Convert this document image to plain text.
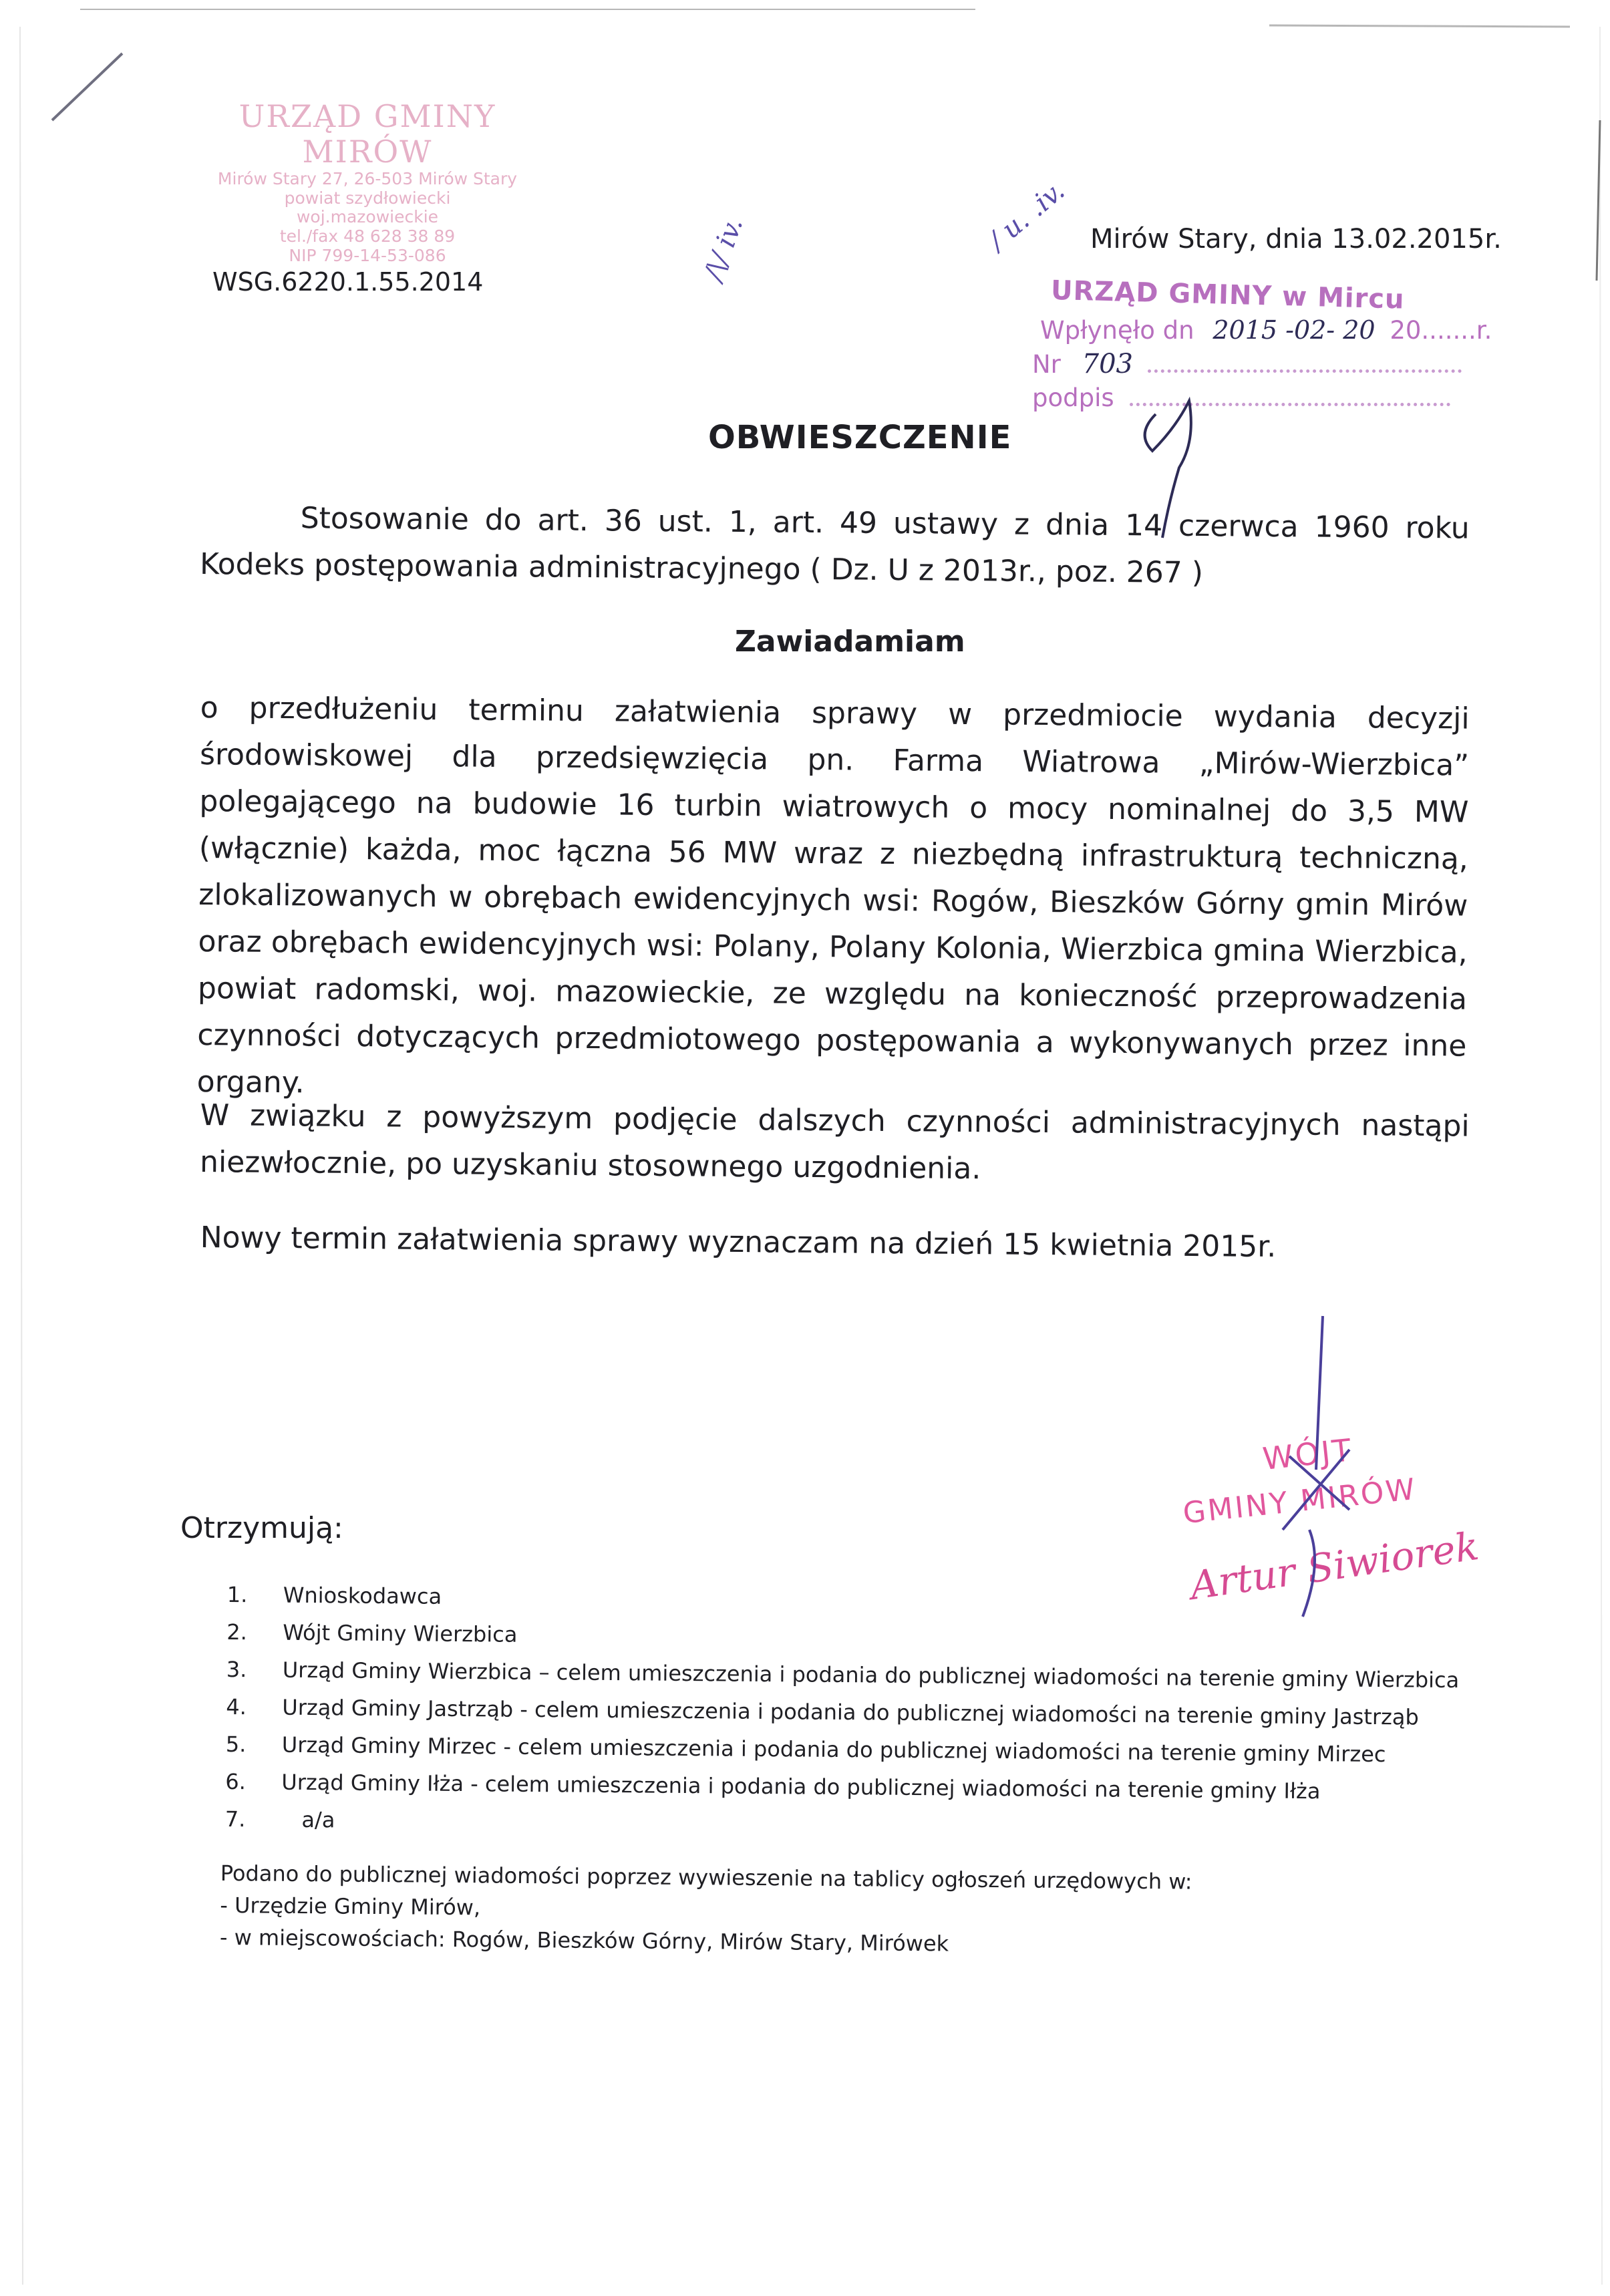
URZĄD GMINY MIRÓW
Mirów Stary 27, 26-503 Mirów Stary
powiat szydłowiecki
woj.mazowieckie
tel./fax 48 628 38 89
NIP 799-14-53-086
WSG.6220.1.55.2014	/\/ iv.	/ u. .iv. Mirów Stary, dnia 13.02.2015r.
URZĄD GMINY w Mircu
Wpłynęło dn 2015 -02- 20 20.......r.
Nr 703
podpis
OBWIESZCZENIE
Stosowanie do art. 36 ust. 1, art. 49 ustawy z dnia 14 czerwca 1960 roku Kodeks postępowania administracyjnego ( Dz. U z 2013r., poz. 267 )
Zawiadamiam
o przedłużeniu terminu załatwienia sprawy w przedmiocie wydania decyzji środowiskowej dla przedsięwzięcia pn. Farma Wiatrowa „Mirów-Wierzbica” polegającego na budowie 16 turbin wiatrowych o mocy nominalnej do 3,5 MW (włącznie) każda, moc łączna 56 MW wraz z niezbędną infrastrukturą techniczną, zlokalizowanych w obrębach ewidencyjnych wsi: Rogów, Bieszków Górny gmin Mirów oraz obrębach ewidencyjnych wsi: Polany, Polany Kolonia, Wierzbica gmina Wierzbica, powiat radomski, woj. mazowieckie, ze względu na konieczność przeprowadzenia czynności dotyczących przedmiotowego postępowania a wykonywanych przez inne organy.
W związku z powyższym podjęcie dalszych czynności administracyjnych nastąpi niezwłocznie, po uzyskaniu stosownego uzgodnienia.
Nowy termin załatwienia sprawy wyznaczam na dzień 15 kwietnia 2015r.
WÓJT
GMINY MIRÓW
Artur Siwiorek
Otrzymują:
1.	Wnioskodawca
2.	Wójt Gminy Wierzbica
3.	Urząd Gminy Wierzbica – celem umieszczenia i podania do publicznej wiadomości na terenie gminy Wierzbica
4.	Urząd Gminy Jastrząb - celem umieszczenia i podania do publicznej wiadomości na terenie gminy Jastrząb
5.	Urząd Gminy Mirzec - celem umieszczenia i podania do publicznej wiadomości na terenie gminy Mirzec
6.	Urząd Gminy Iłża - celem umieszczenia i podania do publicznej wiadomości na terenie gminy Iłża
7.	a/a
Podano do publicznej wiadomości poprzez wywieszenie na tablicy ogłoszeń urzędowych w:
- Urzędzie Gminy Mirów,
- w miejscowościach: Rogów, Bieszków Górny, Mirów Stary, Mirówek
